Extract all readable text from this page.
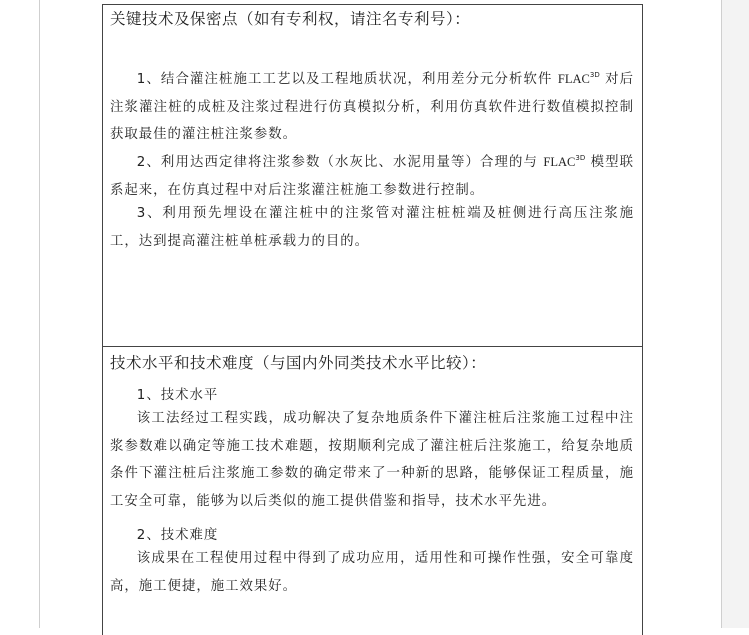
关键技术及保密点（如有专利权，请注名专利号）：

1、结合灌注桩施工工艺以及工程地质状况，利用差分元分析软件 $FLAC^{3D}$ 对后注浆灌注桩的成桩及注浆过程进行仿真模拟分析，利用仿真软件进行数值模拟控制获取最佳的灌注桩注浆参数。

2、利用达西定律将注浆参数（水灰比、水泥用量等）合理的与 $FLAC^{3D}$ 模型联系起来，在仿真过程中对后注浆灌注桩施工参数进行控制。

3、利用预先埋设在灌注桩中的注浆管对灌注桩桩端及桩侧进行高压注浆施工，达到提高灌注桩单桩承载力的目的。

技术水平和技术难度（与国内外同类技术水平比较）：
1、技术水平

该工法经过工程实践，成功解决了复杂地质条件下灌注桩后注浆施工过程中注浆参数难以确定等施工技术难题，按期顺利完成了灌注桩后注浆施工，给复杂地质条件下灌注桩后注浆施工参数的确定带来了一种新的思路，能够保证工程质量，施工安全可靠，能够为以后类似的施工提供借鉴和指导，技术水平先进。

2、技术难度

该成果在工程使用过程中得到了成功应用，适用性和可操作性强，安全可靠度高，施工便捷，施工效果好。
